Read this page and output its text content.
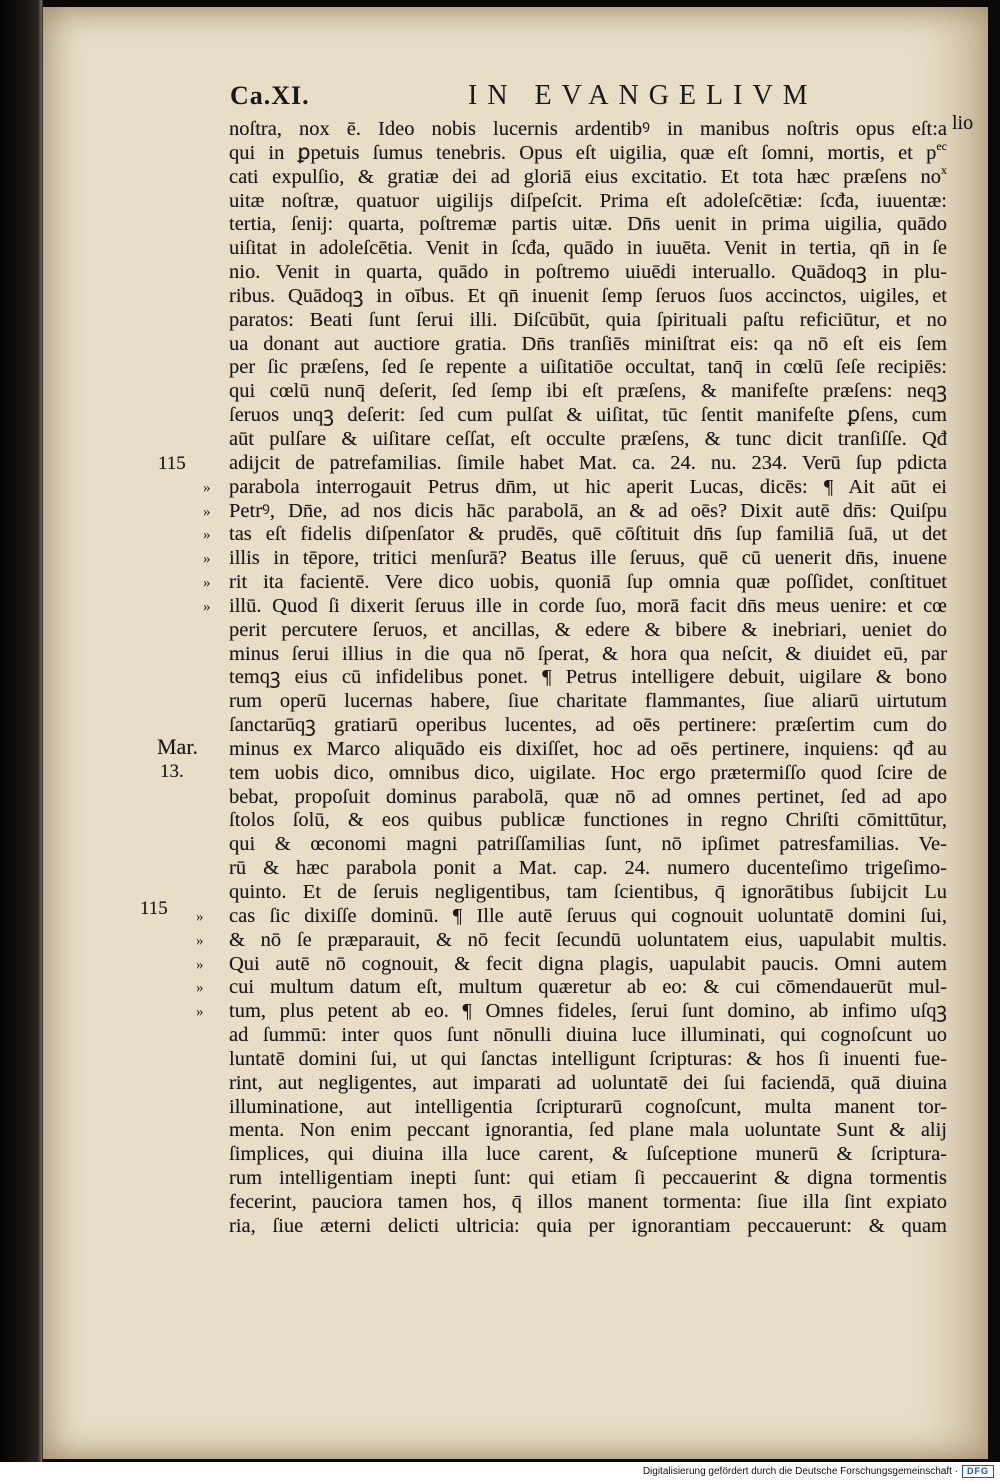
Ca.XI.	IN EVANGELIVM
noſtra, nox ē. Ideo nobis lucernis ardentibꝰ in manibus noſtris opus eſt:a
qui in ꝑpetuis ſumus tenebris. Opus eſt uigilia, quæ eſt ſomni, mortis, et $p^{ec}$
cati expulſio, & gratiæ dei ad gloriā eius excitatio. Et tota hæc præſens $no^x$
uitæ noſtræ, quatuor uigilijs diſpeſcit. Prima eſt adoleſcētiæ: ſcđa, iuuentæ:
tertia, ſenij: quarta, poſtremæ partis uitæ. Dn̄s uenit in prima uigilia, quādo
uiſitat in adoleſcētia. Venit in ſcđa, quādo in iuuēta. Venit in tertia, qn̄ in ſe
nio. Venit in quarta, quādo in poſtremo uiuēdi interuallo. Quādoqꝫ in plu-
ribus. Quādoqꝫ in oībus. Et qn̄ inuenit ſemp ſeruos ſuos accinctos, uigiles, et
paratos: Beati ſunt ſerui illi. Diſcūbūt, quia ſpirituali paſtu reficiūtur, et no
ua donant aut auctiore gratia. Dn̄s tranſiēs miniſtrat eis: qa nō eſt eis ſem
per ſic præſens, ſed ſe repente a uiſitatiōe occultat, tanq̄ in cœlū ſeſe recipiēs:
qui cœlū nunq̄ deſerit, ſed ſemp ibi eſt præſens, & manifeſte præſens: neqꝫ
ſeruos unqꝫ deſerit: ſed cum pulſat & uiſitat, tūc ſentit manifeſte ꝑſens, cum
aūt pulſare & uiſitare ceſſat, eſt occulte præſens, & tunc dicit tranſiſſe. Qđ
adijcit de patrefamilias. ſimile habet Mat. ca. 24. nu. 234. Verū ſup pdicta
parabola interrogauit Petrus dn̄m, ut hic aperit Lucas, dicēs: ¶ Ait aūt ei
Petrꝰ, Dn̄e, ad nos dicis hāc parabolā, an & ad oēs? Dixit autē dn̄s: Quiſpu
tas eſt fidelis diſpenſator & prudēs, quē cōſtituit dn̄s ſup familiā ſuā, ut det
illis in tēpore, tritici menſurā? Beatus ille ſeruus, quē cū uenerit dn̄s, inuene
rit ita facientē. Vere dico uobis, quoniā ſup omnia quæ poſſidet, conſtituet
illū. Quod ſi dixerit ſeruus ille in corde ſuo, morā facit dn̄s meus uenire: et cœ
perit percutere ſeruos, et ancillas, & edere & bibere & inebriari, ueniet do
minus ſerui illius in die qua nō ſperat, & hora qua neſcit, & diuidet eū, par
temqꝫ eius cū infidelibus ponet. ¶ Petrus intelligere debuit, uigilare & bono
rum operū lucernas habere, ſiue charitate flammantes, ſiue aliarū uirtutum
ſanctarūqꝫ gratiarū operibus lucentes, ad oēs pertinere: præſertim cum do
minus ex Marco aliquādo eis dixiſſet, hoc ad oēs pertinere, inquiens: qđ au
tem uobis dico, omnibus dico, uigilate. Hoc ergo prætermiſſo quod ſcire de
bebat, propoſuit dominus parabolā, quæ nō ad omnes pertinet, ſed ad apo
ſtolos ſolū, & eos quibus publicæ functiones in regno Chriſti cōmittūtur,
qui & œconomi magni patriſſamilias ſunt, nō ipſimet patresfamilias. Ve-
rū & hæc parabola ponit a Mat. cap. 24. numero ducenteſimo trigeſimo-
quinto. Et de ſeruis negligentibus, tam ſcientibus, q̄ ignorātibus ſubijcit Lu
cas ſic dixiſſe dominū. ¶ Ille autē ſeruus qui cognouit uoluntatē domini ſui,
& nō ſe præparauit, & nō fecit ſecundū uoluntatem eius, uapulabit multis.
Qui autē nō cognouit, & fecit digna plagis, uapulabit paucis. Omni autem
cui multum datum eſt, multum quæretur ab eo: & cui cōmendauerūt mul-
tum, plus petent ab eo. ¶ Omnes fideles, ſerui ſunt domino, ab infimo uſqꝫ
ad ſummū: inter quos ſunt nōnulli diuina luce illuminati, qui cognoſcunt uo
luntatē domini ſui, ut qui ſanctas intelligunt ſcripturas: & hos ſi inuenti fue-
rint, aut negligentes, aut imparati ad uoluntatē dei ſui faciendā, quā diuina
illuminatione, aut intelligentia ſcripturarū cognoſcunt, multa manent tor-
menta. Non enim peccant ignorantia, ſed plane mala uoluntate Sunt & alij
ſimplices, qui diuina illa luce carent, & ſuſceptione munerū & ſcriptura-
rum intelligentiam inepti ſunt: qui etiam ſi peccauerint & digna tormentis
fecerint, pauciora tamen hos, q̄ illos manent tormenta: ſiue illa ſint expiato
ria, ſiue æterni delicti ultricia: quia per ignorantiam peccauerunt: & quam
lio
115
Mar.
13.
115
»
»
»
»
»
»
»
»
»
»
»
Digitalisierung gefördert durch die Deutsche Forschungsgemeinschaft ·	DFG
